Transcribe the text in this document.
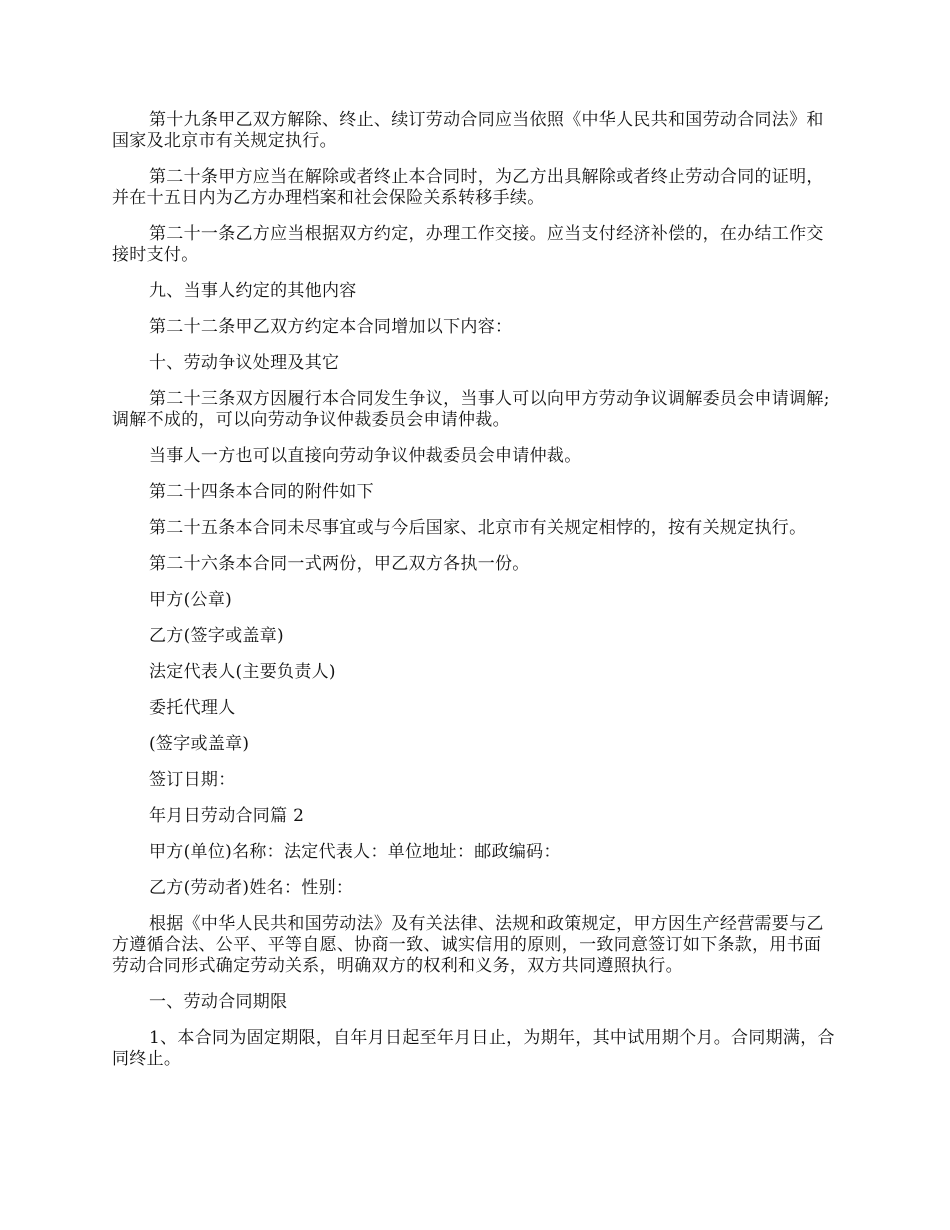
第十九条甲乙双方解除、终止、续订劳动合同应当依照《中华人民共和国劳动合同法》和国家及北京市有关规定执行。

第二十条甲方应当在解除或者终止本合同时，为乙方出具解除或者终止劳动合同的证明，并在十五日内为乙方办理档案和社会保险关系转移手续。

第二十一条乙方应当根据双方约定，办理工作交接。应当支付经济补偿的，在办结工作交接时支付。

九、当事人约定的其他内容

第二十二条甲乙双方约定本合同增加以下内容：

十、劳动争议处理及其它

第二十三条双方因履行本合同发生争议，当事人可以向甲方劳动争议调解委员会申请调解;调解不成的，可以向劳动争议仲裁委员会申请仲裁。

当事人一方也可以直接向劳动争议仲裁委员会申请仲裁。

第二十四条本合同的附件如下

第二十五条本合同未尽事宜或与今后国家、北京市有关规定相悖的，按有关规定执行。

第二十六条本合同一式两份，甲乙双方各执一份。

甲方(公章)

乙方(签字或盖章)

法定代表人(主要负责人)

委托代理人

(签字或盖章)

签订日期：

年月日劳动合同篇 2

甲方(单位)名称：法定代表人：单位地址：邮政编码：

乙方(劳动者)姓名：性别：

根据《中华人民共和国劳动法》及有关法律、法规和政策规定，甲方因生产经营需要与乙方遵循合法、公平、平等自愿、协商一致、诚实信用的原则，一致同意签订如下条款，用书面劳动合同形式确定劳动关系，明确双方的权利和义务，双方共同遵照执行。

一、劳动合同期限

1、本合同为固定期限，自年月日起至年月日止，为期年，其中试用期个月。合同期满，合同终止。
